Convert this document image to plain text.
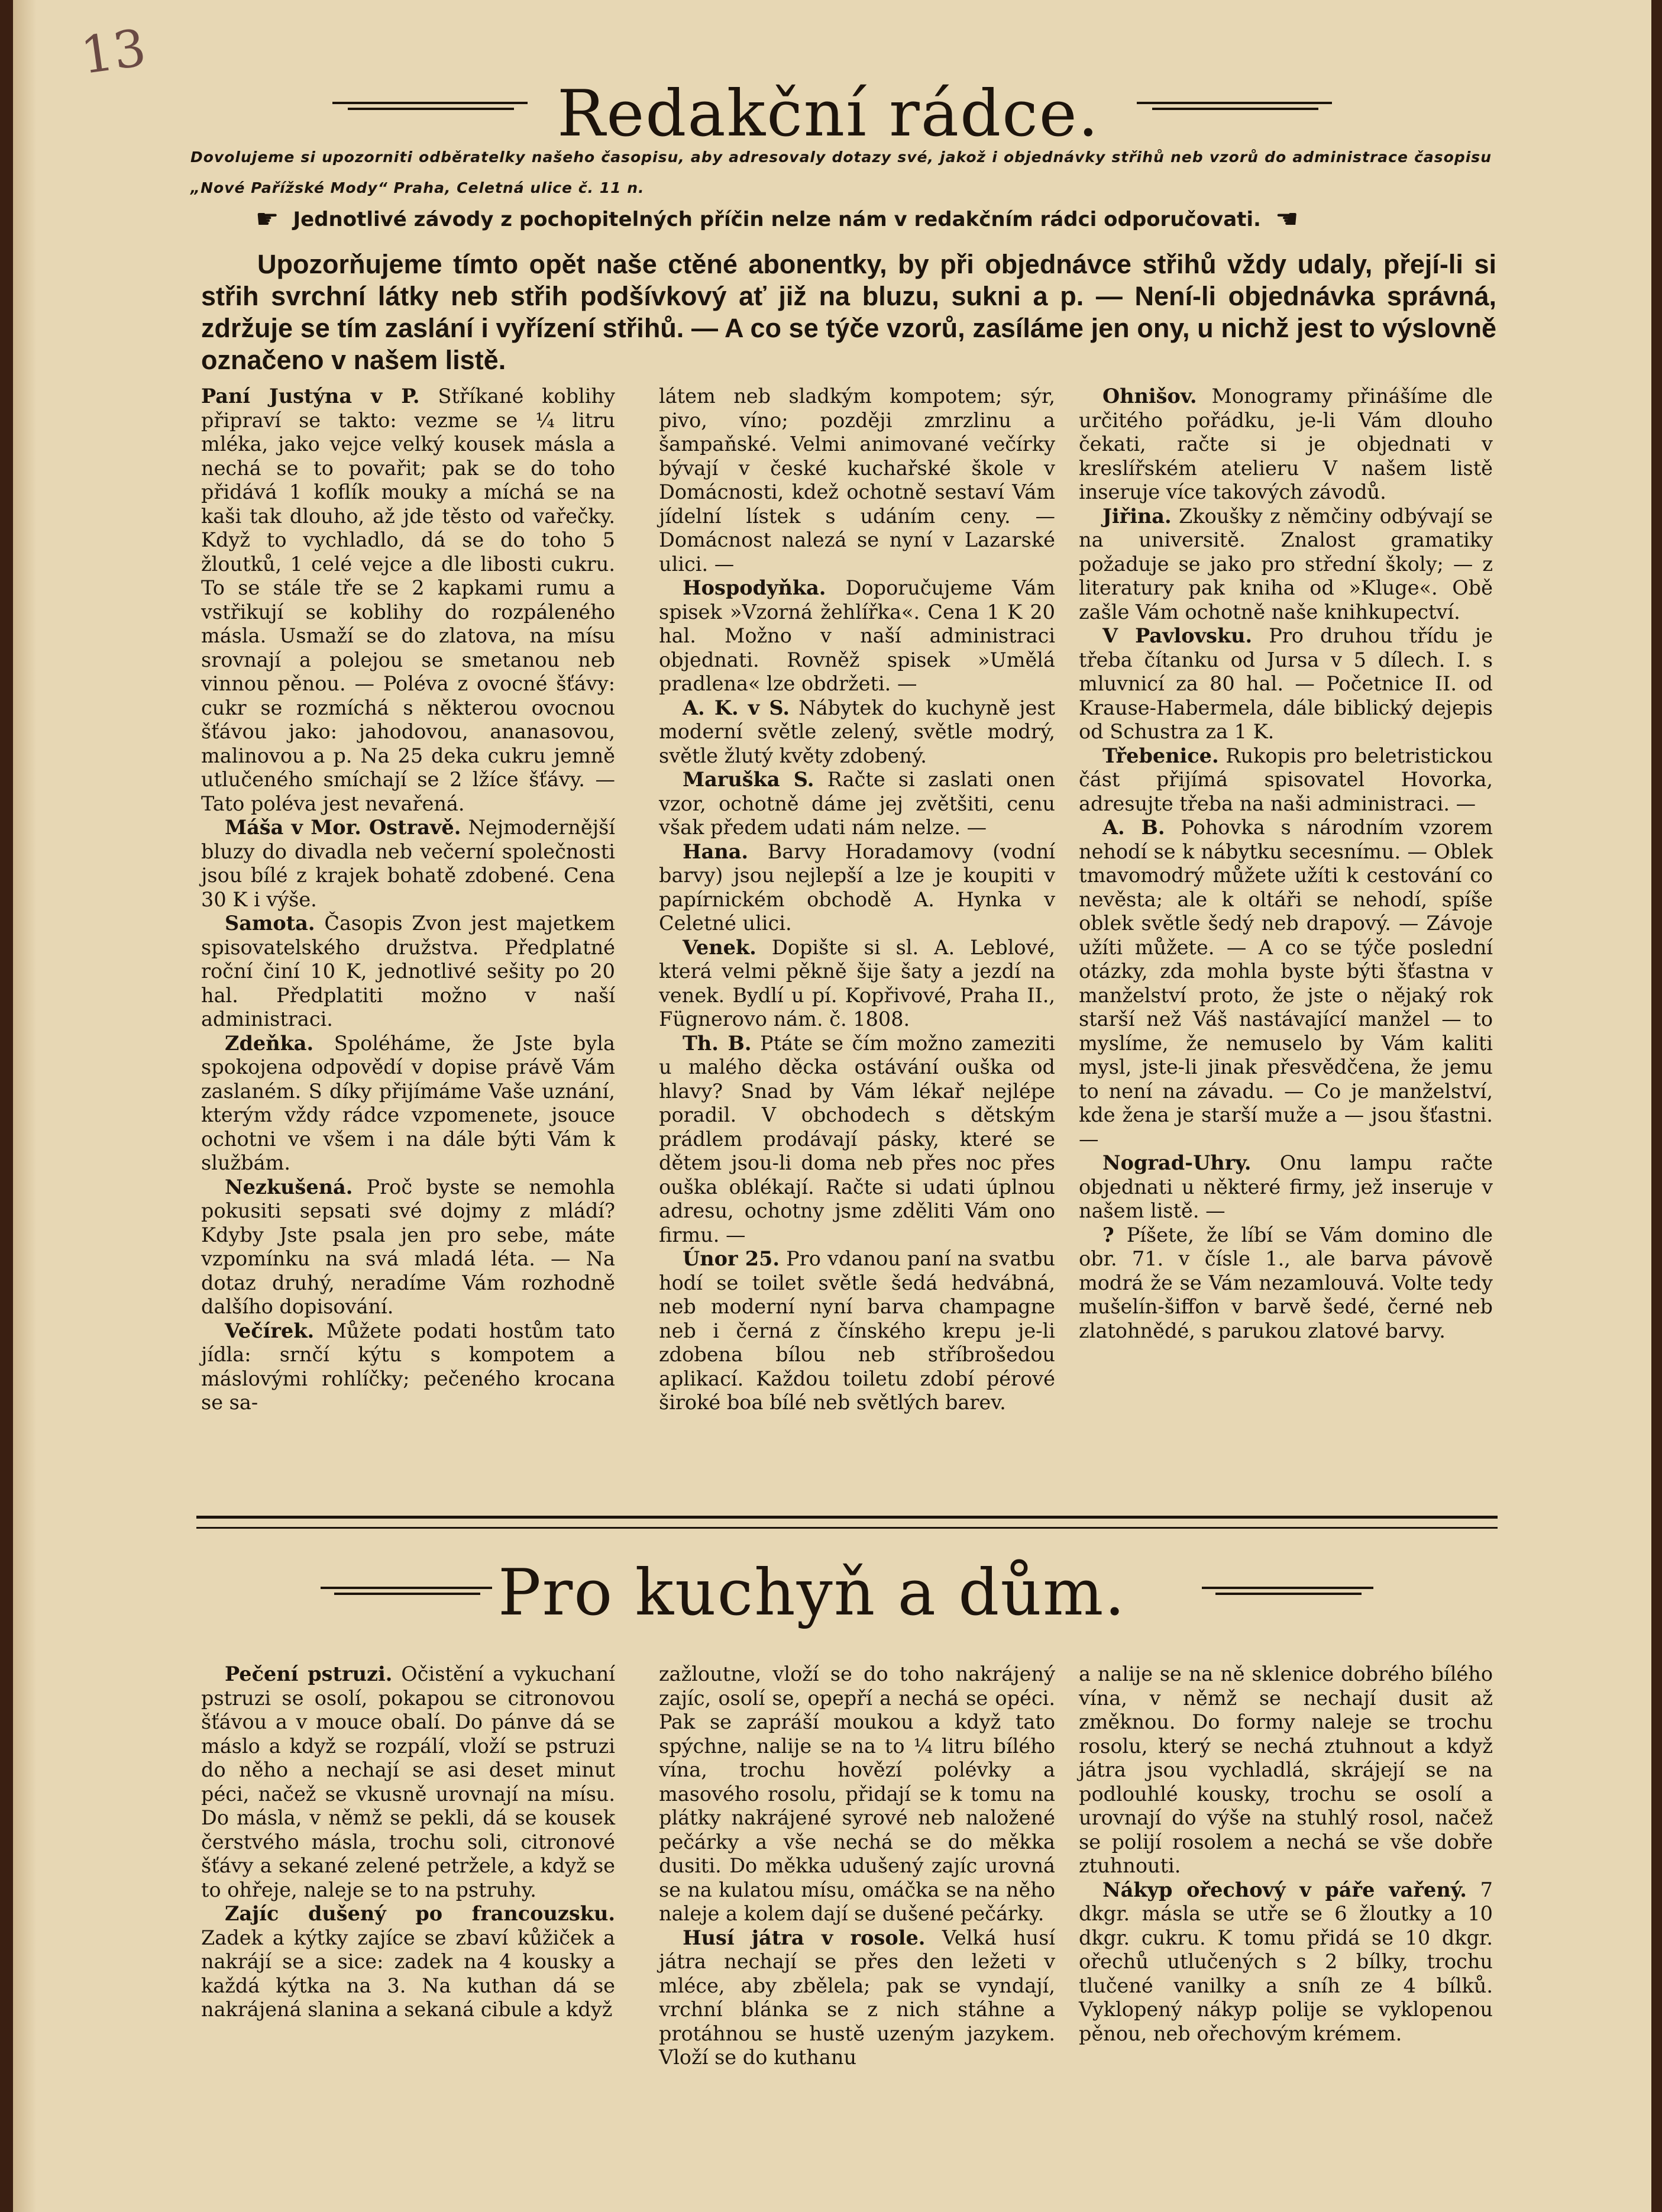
13
Redakční rádce.
Dovolujeme si upozorniti odběratelky našeho časopisu, aby adresovaly dotazy své, jakož i objednávky střihů neb vzorů do administrace časopisu „Nové Pařížské Mody“ Praha, Celetná ulice č. 11 n.
☛ Jednotlivé závody z pochopitelných příčin nelze nám v redakčním rádci odporučovati. ☚

Upozorňujeme tímto opět naše ctěné abonentky, by při objednávce střihů vždy udaly, přejí-li si střih svrchní látky neb střih podšívkový ať již na bluzu, sukni a p. — Není-li objednávka správná, zdržuje se tím zaslání i vyřízení střihů. — A co se týče vzorů, zasíláme jen ony, u nichž jest to výslovně označeno v našem listě.

Paní Justýna v P. Stříkané koblihy připraví se takto: vezme se ¼ litru mléka, jako vejce velký kousek másla a nechá se to povařit; pak se do toho přidává 1 koflík mouky a míchá se na kaši tak dlouho, až jde těsto od vařečky. Když to vychladlo, dá se do toho 5 žloutků, 1 celé vejce a dle libosti cukru. To se stále tře se 2 kapkami rumu a vstřikují se koblihy do rozpáleného másla. Usmaží se do zlatova, na mísu srovnají a polejou se smetanou neb vinnou pěnou. — Poléva z ovocné šťávy: cukr se rozmíchá s některou ovocnou šťávou jako: jahodovou, ananasovou, malinovou a p. Na 25 deka cukru jemně utlučeného smíchají se 2 lžíce šťávy. — Tato poléva jest nevařená.

Máša v Mor. Ostravě. Nejmodernější bluzy do divadla neb večerní společnosti jsou bílé z krajek bohatě zdobené. Cena 30 K i výše.

Samota. Časopis Zvon jest majetkem spisovatelského družstva. Předplatné roční činí 10 K, jednotlivé sešity po 20 hal. Předplatiti možno v naší administraci.

Zdeňka. Spoléháme, že Jste byla spokojena odpovědí v dopise právě Vám zaslaném. S díky přijímáme Vaše uznání, kterým vždy rádce vzpomenete, jsouce ochotni ve všem i na dále býti Vám k službám.

Nezkušená. Proč byste se nemohla pokusiti sepsati své dojmy z mládí? Kdyby Jste psala jen pro sebe, máte vzpomínku na svá mladá léta. — Na dotaz druhý, neradíme Vám rozhodně dalšího dopisování.

Večírek. Můžete podati hostům tato jídla: srnčí kýtu s kompotem a máslovými rohlíčky; pečeného krocana se sa-

látem neb sladkým kompotem; sýr, pivo, víno; později zmrzlinu a šampaňské. Velmi animované večírky bývají v české kuchařské škole v Domácnosti, kdež ochotně sestaví Vám jídelní lístek s udáním ceny. — Domácnost nalezá se nyní v Lazarské ulici. —

Hospodyňka. Doporučujeme Vám spisek »Vzorná žehlířka«. Cena 1 K 20 hal. Možno v naší administraci objednati. Rovněž spisek »Umělá pradlena« lze obdržeti. —

A. K. v S. Nábytek do kuchyně jest moderní světle zelený, světle modrý, světle žlutý květy zdobený.

Maruška S. Račte si zaslati onen vzor, ochotně dáme jej zvětšiti, cenu však předem udati nám nelze. —

Hana. Barvy Horadamovy (vodní barvy) jsou nejlepší a lze je koupiti v papírnickém obchodě A. Hynka v Celetné ulici.

Venek. Dopište si sl. A. Leblové, která velmi pěkně šije šaty a jezdí na venek. Bydlí u pí. Kopřivové, Praha II., Fügnerovo nám. č. 1808.

Th. B. Ptáte se čím možno zameziti u malého děcka ostávání ouška od hlavy? Snad by Vám lékař nejlépe poradil. V obchodech s dětským prádlem prodávají pásky, které se dětem jsou-li doma neb přes noc přes ouška oblékají. Račte si udati úplnou adresu, ochotny jsme zděliti Vám ono firmu. —

Únor 25. Pro vdanou paní na svatbu hodí se toilet světle šedá hedvábná, neb moderní nyní barva champagne neb i černá z čínského krepu je-li zdobena bílou neb stříbrošedou aplikací. Každou toiletu zdobí pérové široké boa bílé neb světlých barev.

Ohnišov. Monogramy přinášíme dle určitého pořádku, je-li Vám dlouho čekati, račte si je objednati v kreslířském atelieru V našem listě inseruje více takových závodů.

Jiřina. Zkoušky z němčiny odbývají se na universitě. Znalost gramatiky požaduje se jako pro střední školy; — z literatury pak kniha od »Kluge«. Obě zašle Vám ochotně naše knihkupectví.

V Pavlovsku. Pro druhou třídu je třeba čítanku od Jursa v 5 dílech. I. s mluvnicí za 80 hal. — Početnice II. od Krause-Habermela, dále biblický dejepis od Schustra za 1 K.

Třebenice. Rukopis pro beletristickou část přijímá spisovatel Hovorka, adresujte třeba na naši administraci. —

A. B. Pohovka s národním vzorem nehodí se k nábytku secesnímu. — Oblek tmavomodrý můžete užíti k cestování co nevěsta; ale k oltáři se nehodí, spíše oblek světle šedý neb drapový. — Závoje užíti můžete. — A co se týče poslední otázky, zda mohla byste býti šťastna v manželství proto, že jste o nějaký rok starší než Váš nastávající manžel — to myslíme, že nemuselo by Vám kaliti mysl, jste-li jinak přesvědčena, že jemu to není na závadu. — Co je manželství, kde žena je starší muže a — jsou šťastni. —

Nograd-Uhry. Onu lampu račte objednati u některé firmy, jež inseruje v našem listě. —

? Píšete, že líbí se Vám domino dle obr. 71. v čísle 1., ale barva pávově modrá že se Vám nezamlouvá. Volte tedy mušelín-šiffon v barvě šedé, černé neb zlatohnědé, s parukou zlatové barvy.

Pro kuchyň a dům.

Pečení pstruzi. Očistění a vykuchaní pstruzi se osolí, pokapou se citronovou šťávou a v mouce obalí. Do pánve dá se máslo a když se rozpálí, vloží se pstruzi do něho a nechají se asi deset minut péci, načež se vkusně urovnají na mísu. Do másla, v němž se pekli, dá se kousek čerstvého másla, trochu soli, citronové šťávy a sekané zelené petržele, a když se to ohřeje, naleje se to na pstruhy.

Zajíc dušený po francouzsku. Zadek a kýtky zajíce se zbaví kůžiček a nakrájí se a sice: zadek na 4 kousky a každá kýtka na 3. Na kuthan dá se nakrájená slanina a sekaná cibule a když

zažloutne, vloží se do toho nakrájený zajíc, osolí se, opepří a nechá se opéci. Pak se zapráší moukou a když tato spýchne, nalije se na to ¼ litru bílého vína, trochu hovězí polévky a masového rosolu, přidají se k tomu na plátky nakrájené syrové neb naložené pečárky a vše nechá se do měkka dusiti. Do měkka udušený zajíc urovná se na kulatou mísu, omáčka se na něho naleje a kolem dají se dušené pečárky.

Husí játra v rosole. Velká husí játra nechají se přes den ležeti v mléce, aby zbělela; pak se vyndají, vrchní blánka se z nich stáhne a protáhnou se hustě uzeným jazykem. Vloží se do kuthanu

a nalije se na ně sklenice dobrého bílého vína, v němž se nechají dusit až změknou. Do formy naleje se trochu rosolu, který se nechá ztuhnout a když játra jsou vychladlá, skrájejí se na podlouhlé kousky, trochu se osolí a urovnají do výše na stuhlý rosol, načež se polijí rosolem a nechá se vše dobře ztuhnouti.

Nákyp ořechový v páře vařený. 7 dkgr. másla se utře se 6 žloutky a 10 dkgr. cukru. K tomu přidá se 10 dkgr. ořechů utlučených s 2 bílky, trochu tlučené vanilky a sníh ze 4 bílků. Vyklopený nákyp polije se vyklopenou pěnou, neb ořechovým krémem.
